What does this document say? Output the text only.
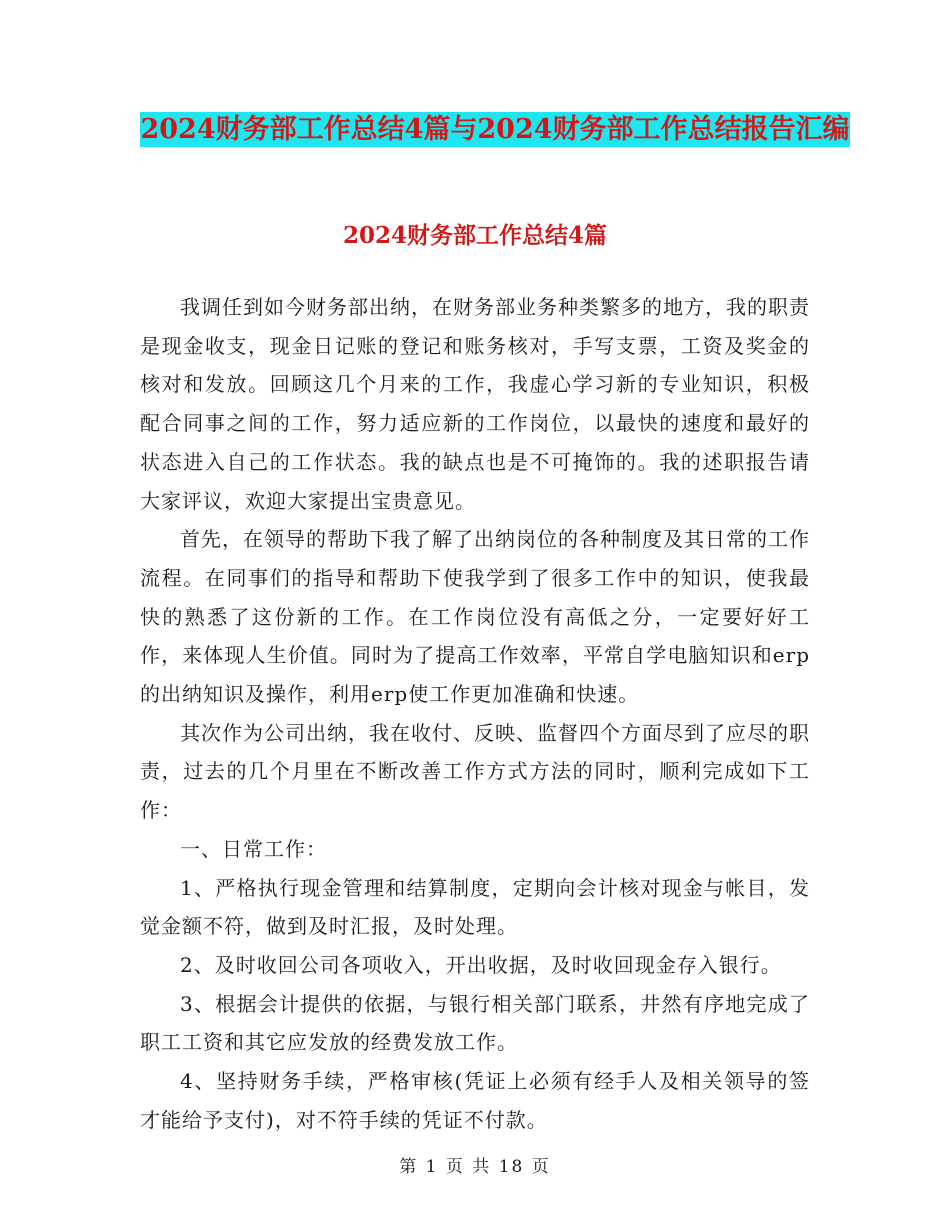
2024财务部工作总结4篇与2024财务部工作总结报告汇编
2024财务部工作总结4篇

我调任到如今财务部出纳，在财务部业务种类繁多的地方，我的职责是现金收支，现金日记账的登记和账务核对，手写支票，工资及奖金的核对和发放。回顾这几个月来的工作，我虚心学习新的专业知识，积极配合同事之间的工作，努力适应新的工作岗位，以最快的速度和最好的状态进入自己的工作状态。我的缺点也是不可掩饰的。我的述职报告请大家评议，欢迎大家提出宝贵意见。

首先，在领导的帮助下我了解了出纳岗位的各种制度及其日常的工作流程。在同事们的指导和帮助下使我学到了很多工作中的知识，使我最快的熟悉了这份新的工作。在工作岗位没有高低之分，一定要好好工作，来体现人生价值。同时为了提高工作效率，平常自学电脑知识和erp的出纳知识及操作，利用erp使工作更加准确和快速。

其次作为公司出纳，我在收付、反映、监督四个方面尽到了应尽的职责，过去的几个月里在不断改善工作方式方法的同时，顺利完成如下工作：

一、日常工作：

1、严格执行现金管理和结算制度，定期向会计核对现金与帐目，发觉金额不符，做到及时汇报，及时处理。

2、及时收回公司各项收入，开出收据，及时收回现金存入银行。

3、根据会计提供的依据，与银行相关部门联系，井然有序地完成了职工工资和其它应发放的经费发放工作。

4、坚持财务手续，严格审核(凭证上必须有经手人及相关领导的签才能给予支付)，对不符手续的凭证不付款。

第 1 页 共 18 页
